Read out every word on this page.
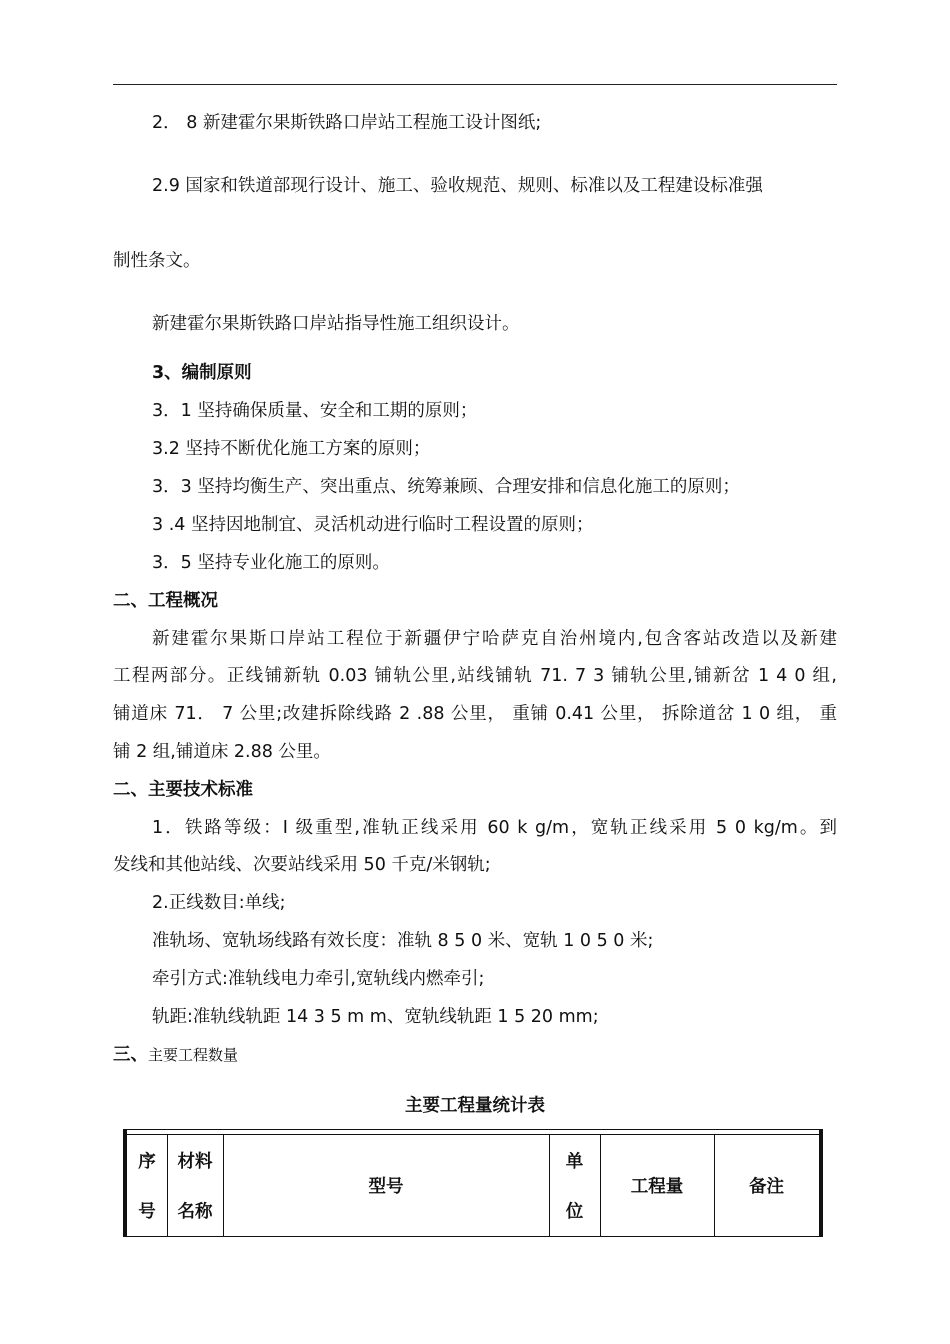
2． 8 新建霍尔果斯铁路口岸站工程施工设计图纸;
2.9 国家和铁道部现行设计、施工、验收规范、规则、标准以及工程建设标准强
制性条文。
新建霍尔果斯铁路口岸站指导性施工组织设计。
3、编制原则
3．1 坚持确保质量、安全和工期的原则；
3.2 坚持不断优化施工方案的原则；
3．3 坚持均衡生产、突出重点、统筹兼顾、合理安排和信息化施工的原则；
3 .4 坚持因地制宜、灵活机动进行临时工程设置的原则；
3．5 坚持专业化施工的原则。
二、工程概况
新建霍尔果斯口岸站工程位于新疆伊宁哈萨克自治州境内,包含客站改造以及新建
工程两部分。正线铺新轨 0.03 铺轨公里,站线铺轨 71. 7 3 铺轨公里,铺新岔 1 4 0 组,
铺道床 71． 7 公里;改建拆除线路 2 .88 公里， 重铺 0.41 公里， 拆除道岔 1 0 组， 重
铺 2 组,铺道床 2.88 公里。
二、主要技术标准
1．铁路等级：I 级重型,准轨正线采用 60 k g/m，宽轨正线采用 5 0 kg/m。到
发线和其他站线、次要站线采用 50 千克/米钢轨;
2.正线数目:单线;
准轨场、宽轨场线路有效长度：准轨 8 5 0 米、宽轨 1 0 5 0 米;
牵引方式:准轨线电力牵引,宽轨线内燃牵引;
轨距:准轨线轨距 14 3 5 m m、宽轨线轨距 1 5 20 mm;
三、主要工程数量
主要工程量统计表
序
号
材料
名称
型号
单
位
工程量	备注
